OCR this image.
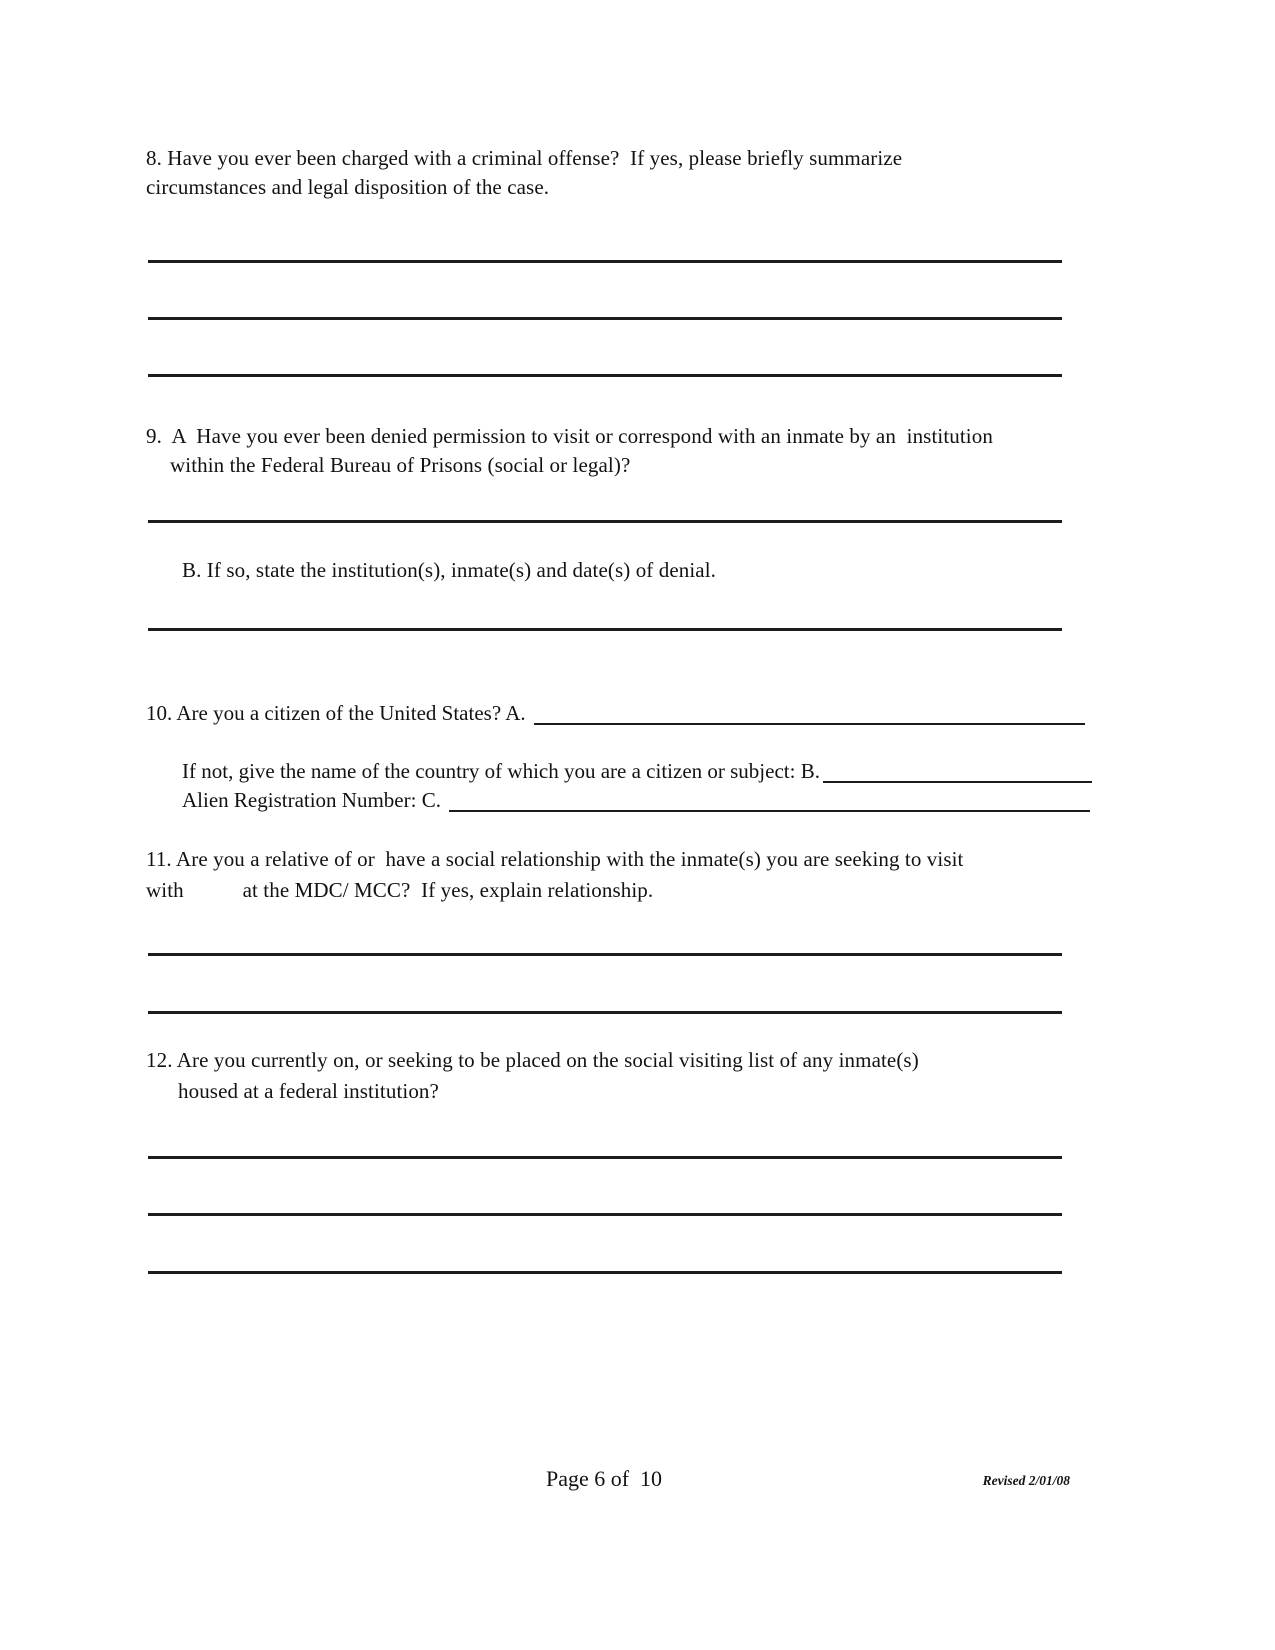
8. Have you ever been charged with a criminal offense?  If yes, please briefly summarize
circumstances and legal disposition of the case.
9.  A  Have you ever been denied permission to visit or correspond with an inmate by an  institution
within the Federal Bureau of Prisons (social or legal)?
B. If so, state the institution(s), inmate(s) and date(s) of denial.
10. Are you a citizen of the United States? A.
If not, give the name of the country of which you are a citizen or subject: B.
Alien Registration Number: C.
11. Are you a relative of or  have a social relationship with the inmate(s) you are seeking to visit
with           at the MDC/ MCC?  If yes, explain relationship.
12. Are you currently on, or seeking to be placed on the social visiting list of any inmate(s)
housed at a federal institution?
Page 6 of  10	Revised 2/01/08
